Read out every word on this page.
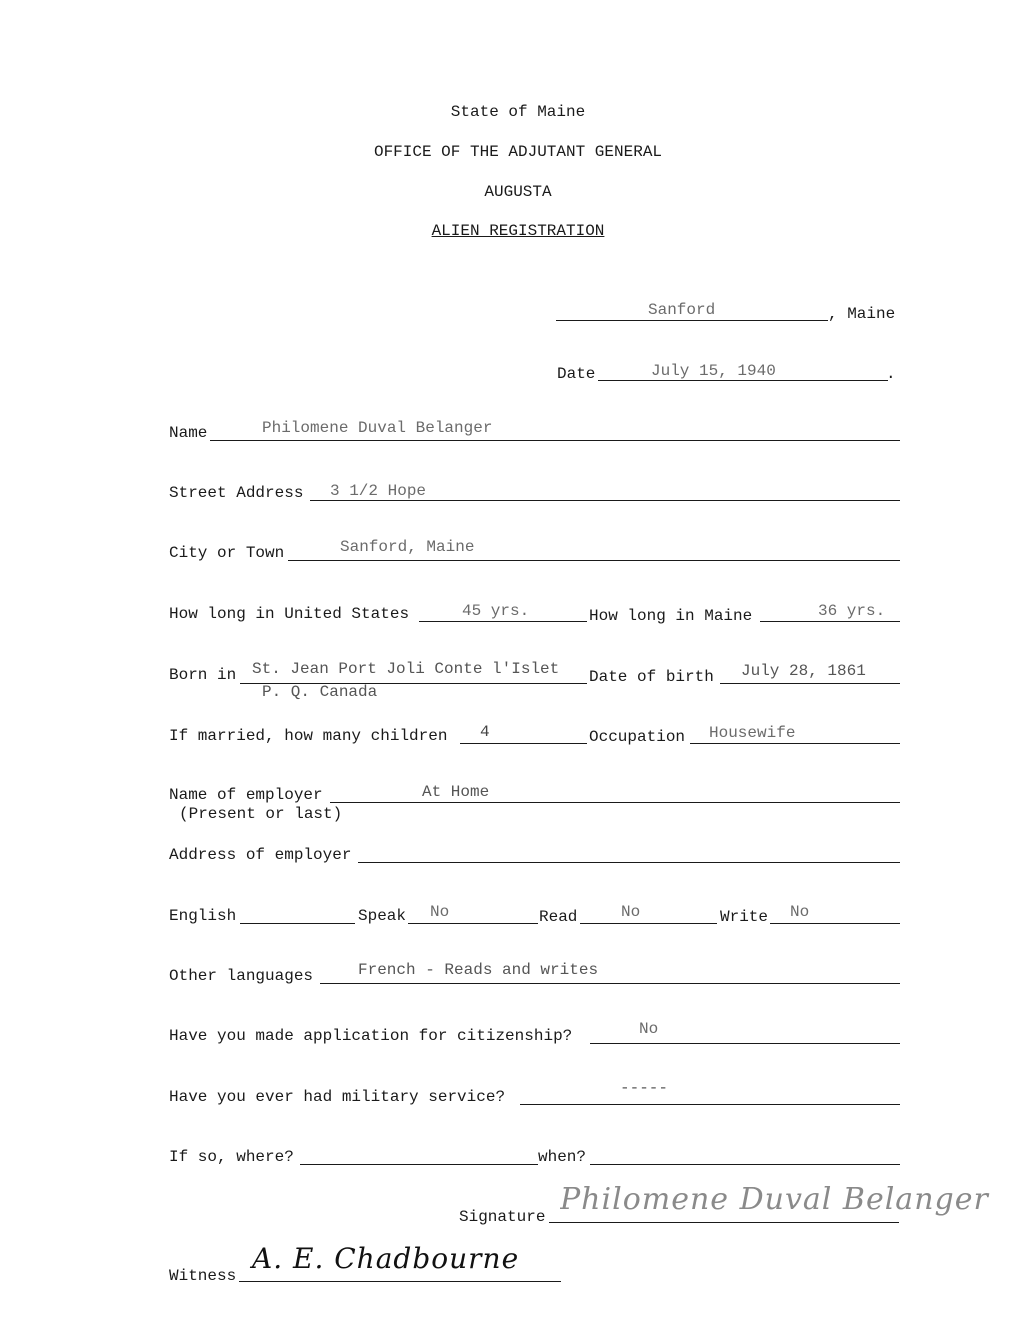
State of Maine
OFFICE OF THE ADJUTANT GENERAL
AUGUSTA
ALIEN REGISTRATION
Sanford	, Maine
Date	July 15, 1940	.
Name	Philomene Duval Belanger
Street Address 3 1/2 Hope
City or Town	Sanford, Maine
How long in United States	45 yrs.	How long in Maine	36 yrs.
Born in St. Jean Port Joli Conte l'Islet
P. Q. Canada
Date of birth July 28, 1861
If married, how many children 4	Occupation Housewife
Name of employer
(Present or last)
At Home
Address of employer
English	Speak No	Read	No	Write No
Other languages	French - Reads and writes
Have you made application for citizenship?	No
Have you ever had military service?	-----
If so, where?	when?
Signature Philomene Duval Belanger
Witness
A. E. Chadbourne
